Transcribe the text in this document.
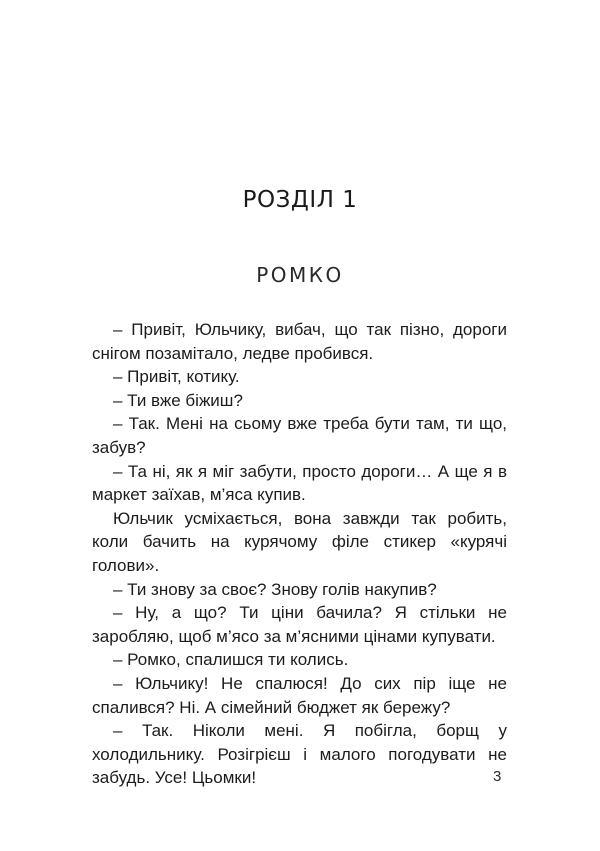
РОЗДІЛ 1
РОМКО

– Привіт, Юльчику, вибач, що так пізно, дороги снігом позамітало, ледве пробився.

– Привіт, котику.

– Ти вже біжиш?

– Так. Мені на сьому вже треба бути там, ти що, забув?

– Та ні, як я міг забути, просто дороги… А ще я в маркет заїхав, м’яса купив.

Юльчик усміхається, вона завжди так робить, коли бачить на курячому філе стикер «курячі голови».

– Ти знову за своє? Знову голів накупив?

– Ну, а що? Ти ціни бачила? Я стільки не заробляю, щоб м’ясо за м’ясними цінами купувати.

– Ромко, спалишся ти колись.

– Юльчику! Не спалюся! До сих пір іще не спалився? Ні. А сімейний бюджет як бережу?

– Так. Ніколи мені. Я побігла, борщ у холодильнику. Розігрієш і малого погодувати не забудь. Усе! Цьомки!	3
